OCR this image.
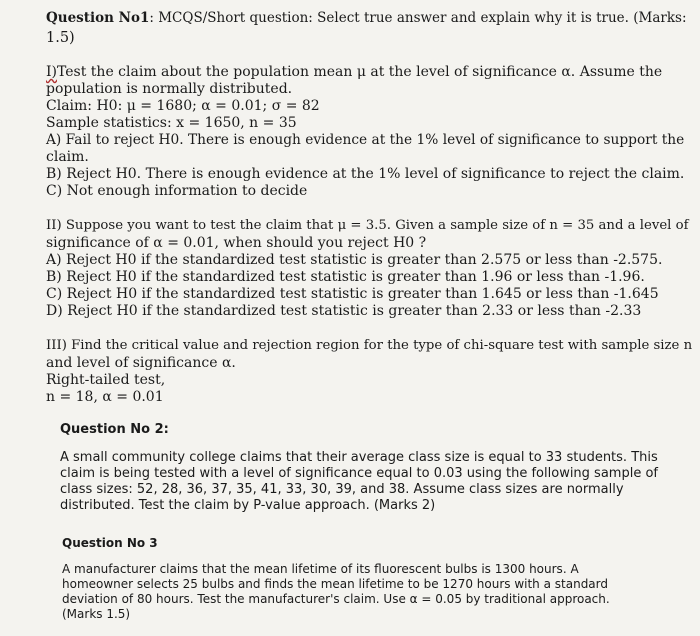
Question No1: MCQS/Short question: Select true answer and explain why it is true. (Marks:
1.5)
I)Test the claim about the population mean μ at the level of significance α. Assume the
population is normally distributed.
Claim: H0: μ = 1680; α = 0.01; σ = 82
Sample statistics: x = 1650, n = 35
A) Fail to reject H0. There is enough evidence at the 1% level of significance to support the
claim.
B) Reject H0. There is enough evidence at the 1% level of significance to reject the claim.
C) Not enough information to decide
II) Suppose you want to test the claim that μ = 3.5. Given a sample size of n = 35 and a level of
significance of α = 0.01, when should you reject H0 ?
A) Reject H0 if the standardized test statistic is greater than 2.575 or less than -2.575.
B) Reject H0 if the standardized test statistic is greater than 1.96 or less than -1.96.
C) Reject H0 if the standardized test statistic is greater than 1.645 or less than -1.645
D) Reject H0 if the standardized test statistic is greater than 2.33 or less than -2.33
III) Find the critical value and rejection region for the type of chi-square test with sample size n
and level of significance α.
Right-tailed test,
n = 18, α = 0.01
Question No 2:
A small community college claims that their average class size is equal to 33 students. This
claim is being tested with a level of significance equal to 0.03 using the following sample of
class sizes: 52, 28, 36, 37, 35, 41, 33, 30, 39, and 38. Assume class sizes are normally
distributed. Test the claim by P-value approach. (Marks 2)
Question No 3
A manufacturer claims that the mean lifetime of its fluorescent bulbs is 1300 hours. A
homeowner selects 25 bulbs and finds the mean lifetime to be 1270 hours with a standard
deviation of 80 hours. Test the manufacturer's claim. Use α = 0.05 by traditional approach.
(Marks 1.5)
